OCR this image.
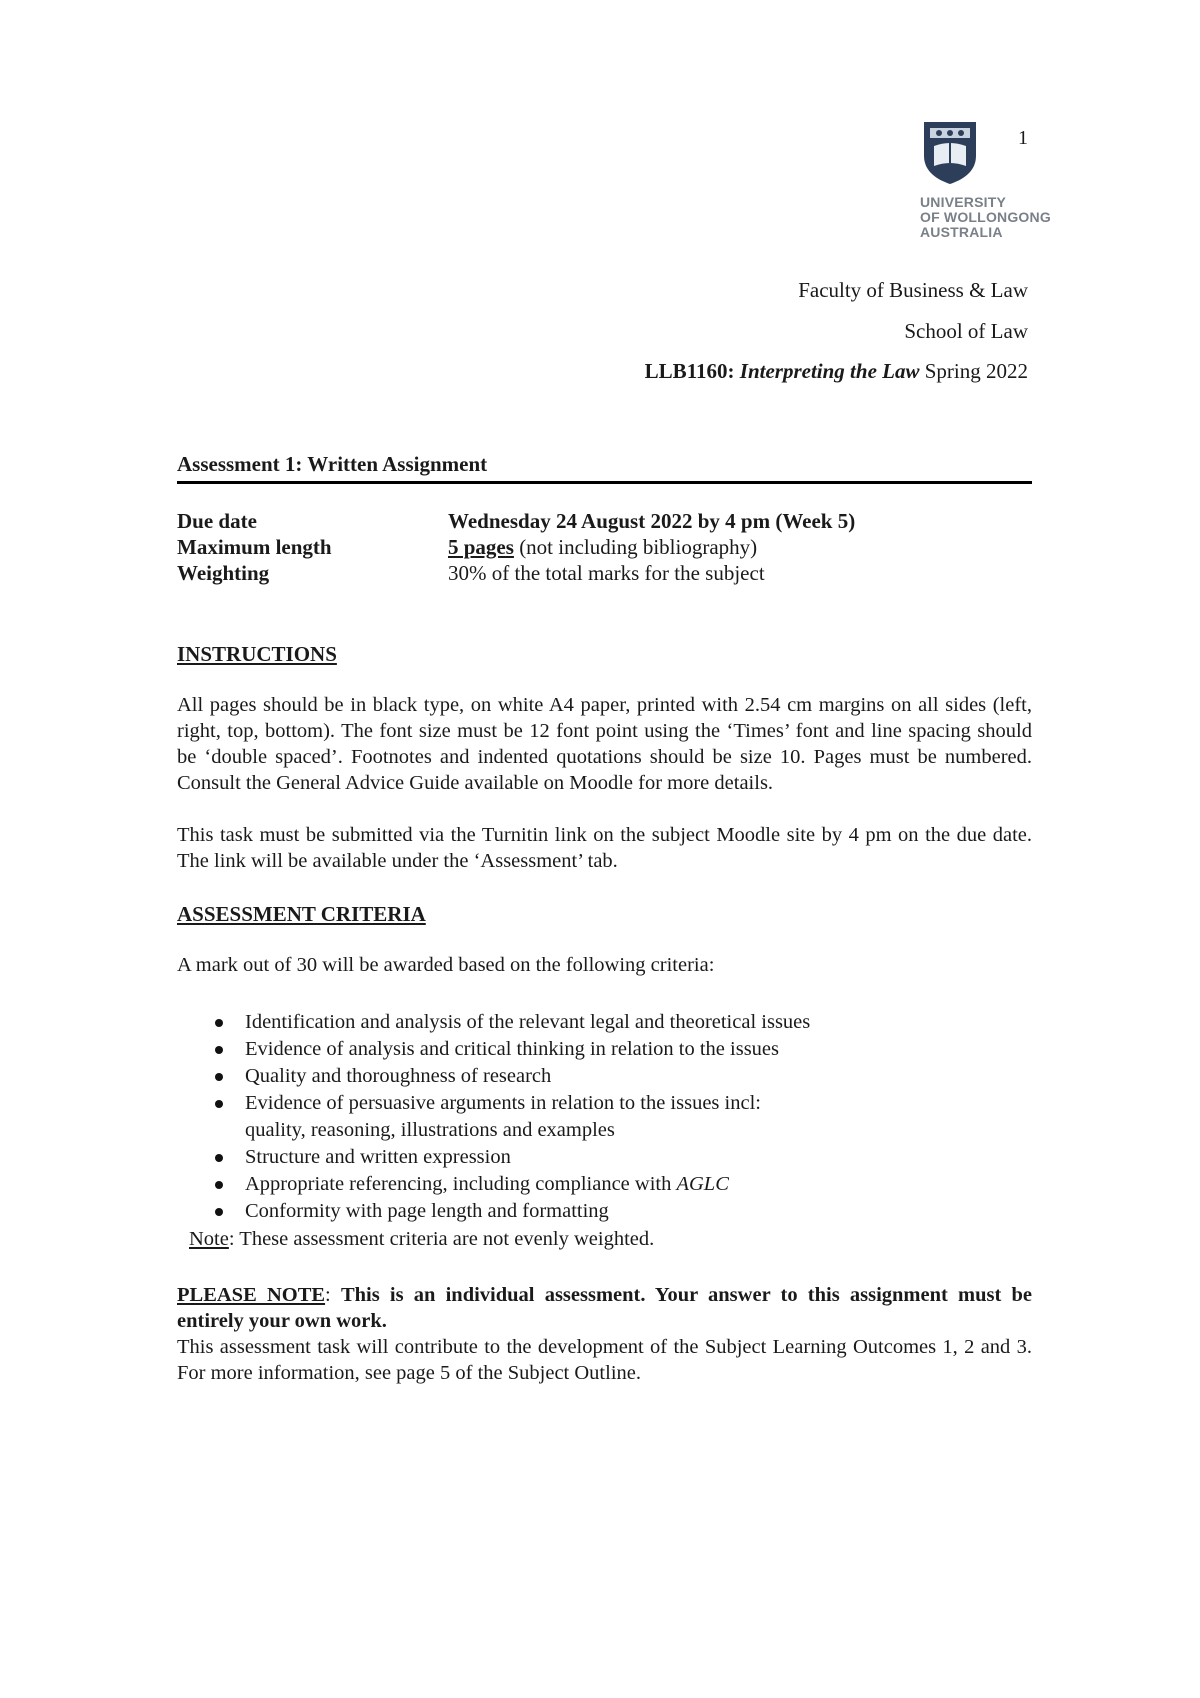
1
UNIVERSITY
OF WOLLONGONG
AUSTRALIA
Faculty of Business & Law
School of Law
LLB1160: Interpreting the Law Spring 2022
Assessment 1: Written Assignment
Due date	Wednesday 24 August 2022 by 4 pm (Week 5)
Maximum length	5 pages (not including bibliography)
Weighting	30% of the total marks for the subject
INSTRUCTIONS
All pages should be in black type, on white A4 paper, printed with 2.54 cm margins on all sides (left, right, top, bottom). The font size must be 12 font point using the ‘Times’ font and line spacing should be ‘double spaced’. Footnotes and indented quotations should be size 10. Pages must be numbered. Consult the General Advice Guide available on Moodle for more details.
This task must be submitted via the Turnitin link on the subject Moodle site by 4 pm on the due date. The link will be available under the ‘Assessment’ tab.
ASSESSMENT CRITERIA
A mark out of 30 will be awarded based on the following criteria:
Identification and analysis of the relevant legal and theoretical issues
Evidence of analysis and critical thinking in relation to the issues
Quality and thoroughness of research
Evidence of persuasive arguments in relation to the issues incl:
quality, reasoning, illustrations and examples
Structure and written expression
Appropriate referencing, including compliance with AGLC
Conformity with page length and formatting
Note: These assessment criteria are not evenly weighted.
PLEASE NOTE: This is an individual assessment. Your answer to this assignment must be entirely your own work.
This assessment task will contribute to the development of the Subject Learning Outcomes 1, 2 and 3. For more information, see page 5 of the Subject Outline.
